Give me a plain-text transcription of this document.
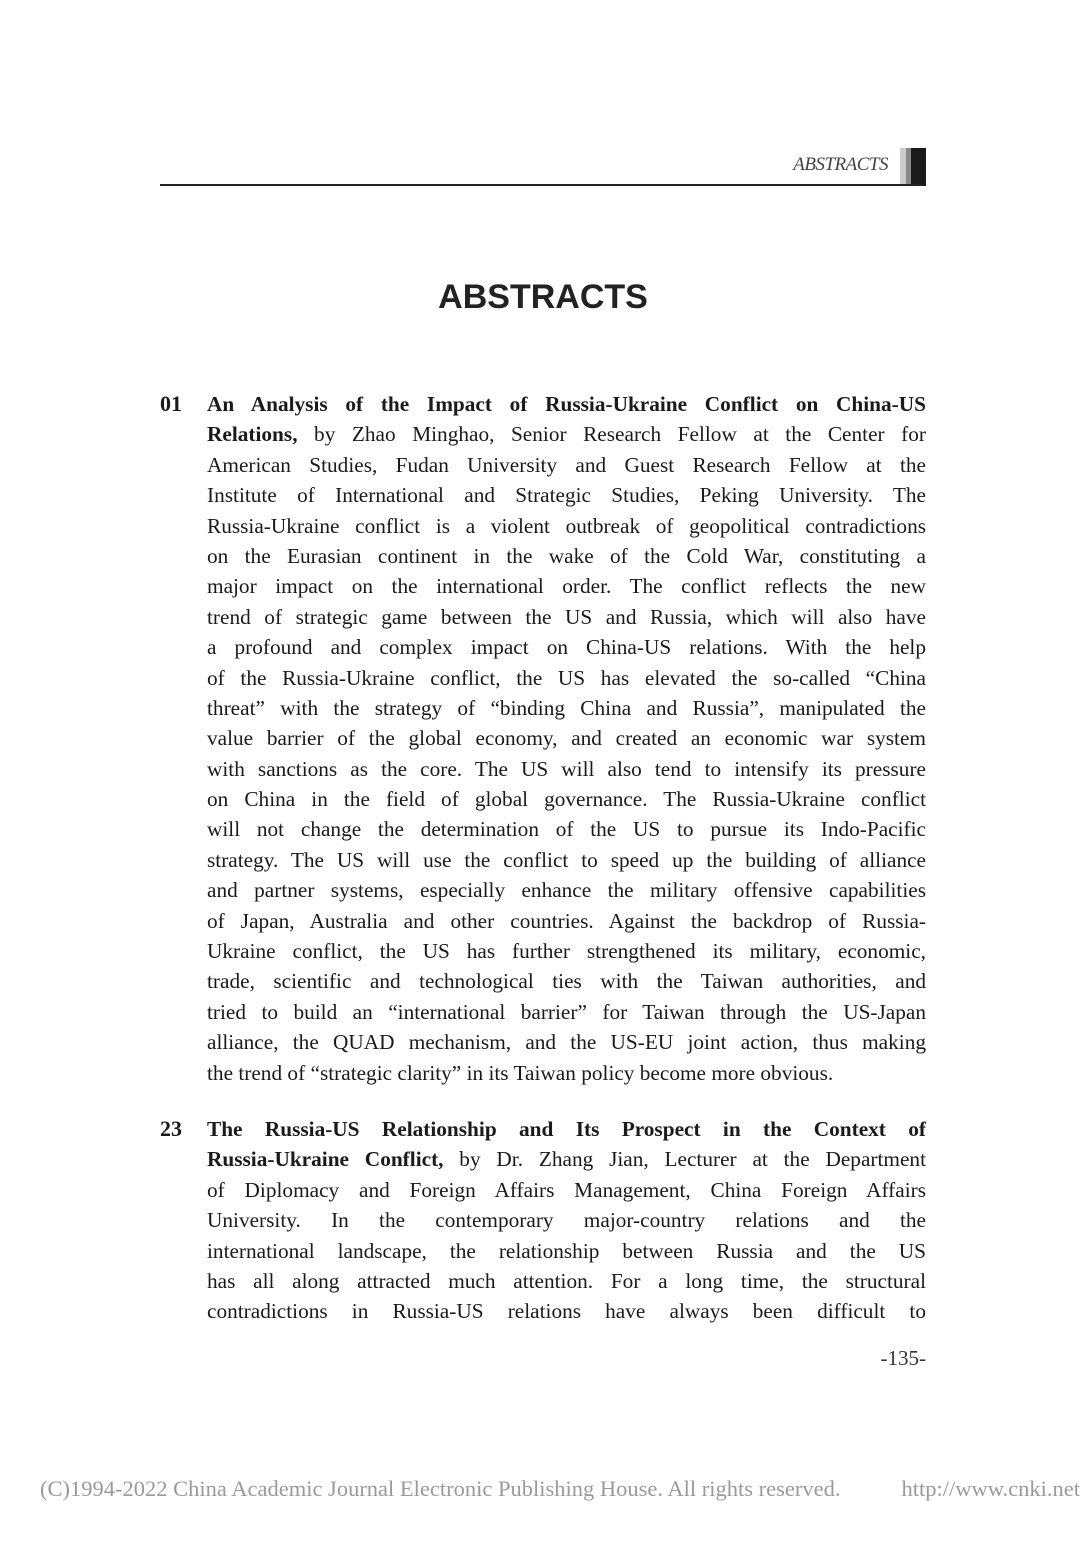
ABSTRACTS
ABSTRACTS
01 An Analysis of the Impact of Russia-Ukraine Conflict on China-US
Relations, by Zhao Minghao, Senior Research Fellow at the Center for
American Studies, Fudan University and Guest Research Fellow at the
Institute of International and Strategic Studies, Peking University. The
Russia-Ukraine conflict is a violent outbreak of geopolitical contradictions
on the Eurasian continent in the wake of the Cold War, constituting a
major impact on the international order. The conflict reflects the new
trend of strategic game between the US and Russia, which will also have
a profound and complex impact on China-US relations. With the help
of the Russia-Ukraine conflict, the US has elevated the so-called “China
threat” with the strategy of “binding China and Russia”, manipulated the
value barrier of the global economy, and created an economic war system
with sanctions as the core. The US will also tend to intensify its pressure
on China in the field of global governance. The Russia-Ukraine conflict
will not change the determination of the US to pursue its Indo-Pacific
strategy. The US will use the conflict to speed up the building of alliance
and partner systems, especially enhance the military offensive capabilities
of Japan, Australia and other countries. Against the backdrop of Russia-
Ukraine conflict, the US has further strengthened its military, economic,
trade, scientific and technological ties with the Taiwan authorities, and
tried to build an “international barrier” for Taiwan through the US-Japan
alliance, the QUAD mechanism, and the US-EU joint action, thus making
the trend of “strategic clarity” in its Taiwan policy become more obvious.
23 The Russia-US Relationship and Its Prospect in the Context of
Russia-Ukraine Conflict, by Dr. Zhang Jian, Lecturer at the Department
of Diplomacy and Foreign Affairs Management, China Foreign Affairs
University. In the contemporary major-country relations and the
international landscape, the relationship between Russia and the US
has all along attracted much attention. For a long time, the structural
contradictions in Russia-US relations have always been difficult to
-135-
(C)1994-2022 China Academic Journal Electronic Publishing House. All rights reserved.	http://www.cnki.net
